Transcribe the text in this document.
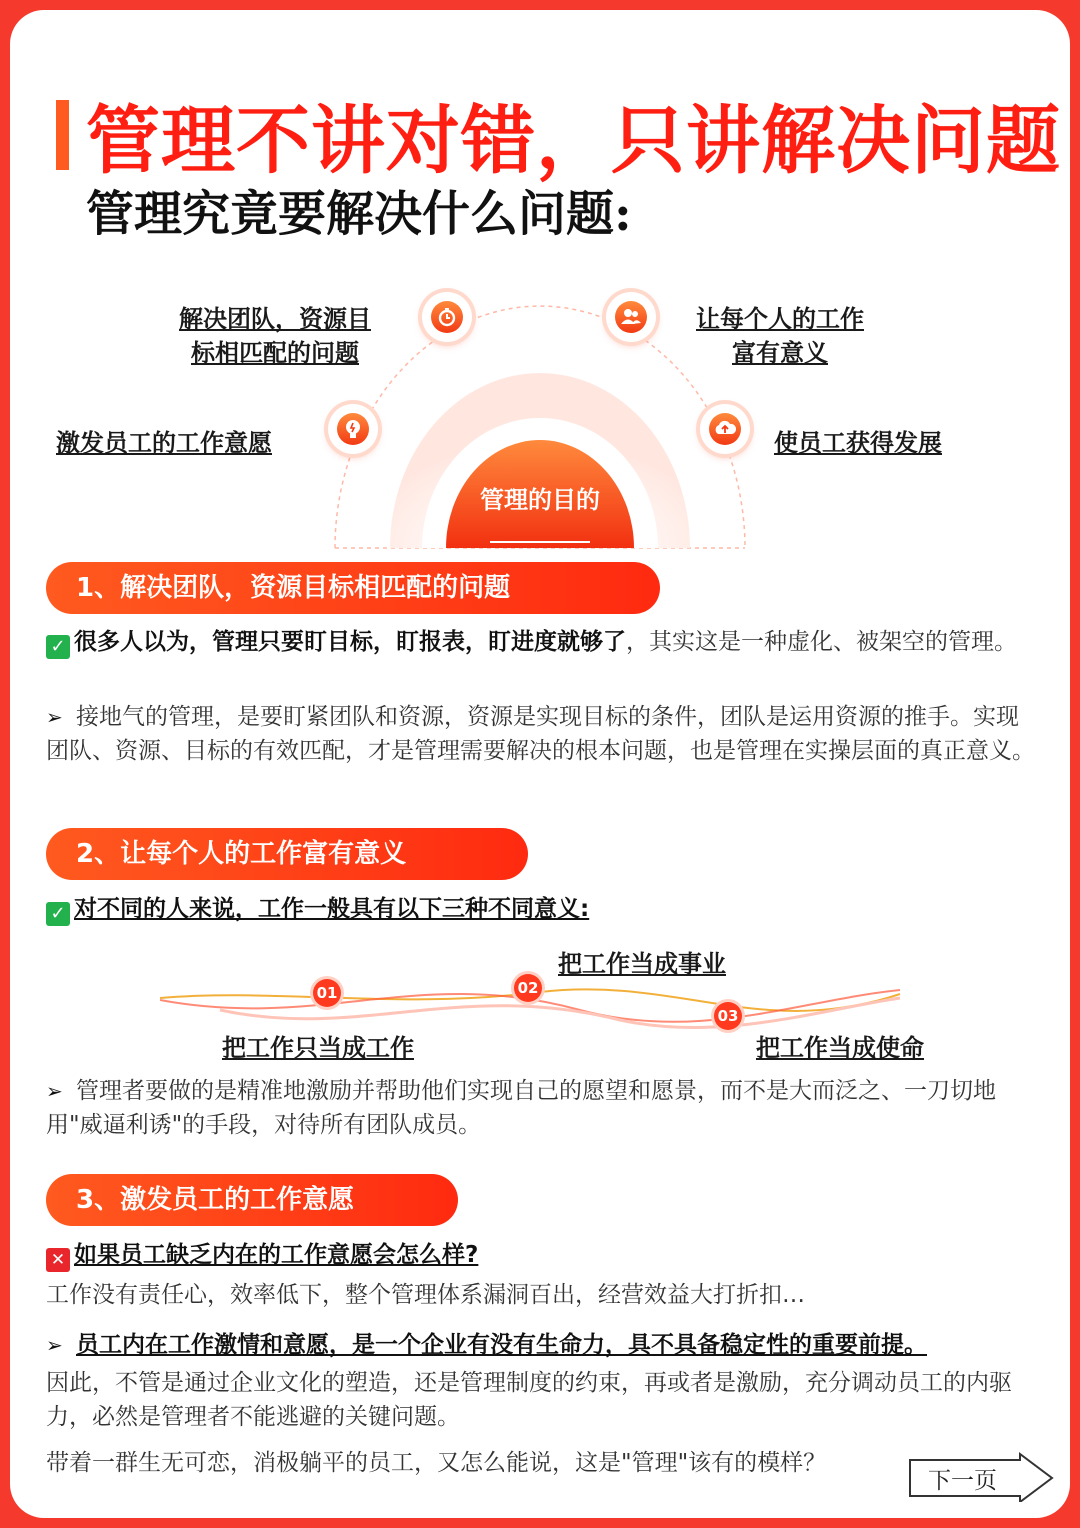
管理不讲对错，只讲解决问题
管理究竟要解决什么问题:
解决团队，资源目
标相匹配的问题
让每个人的工作
富有意义
激发员工的工作意愿	使员工获得发展
管理的目的
1、解决团队，资源目标相匹配的问题
✓ 很多人以为，管理只要盯目标，盯报表，盯进度就够了，其实这是一种虚化、被架空的管理。
➢ 接地气的管理，是要盯紧团队和资源，资源是实现目标的条件，团队是运用资源的推手。实现团队、资源、目标的有效匹配，才是管理需要解决的根本问题，也是管理在实操层面的真正意义。
2、让每个人的工作富有意义
✓ 对不同的人来说，工作一般具有以下三种不同意义:
01	02
03
把工作只当成工作
把工作当成事业
把工作当成使命
➢ 管理者要做的是精准地激励并帮助他们实现自己的愿望和愿景，而不是大而泛之、一刀切地用"威逼利诱"的手段，对待所有团队成员。
3、激发员工的工作意愿
✕ 如果员工缺乏内在的工作意愿会怎么样?
工作没有责任心，效率低下，整个管理体系漏洞百出，经营效益大打折扣…
➢ 员工内在工作激情和意愿，是一个企业有没有生命力，具不具备稳定性的重要前提。
因此，不管是通过企业文化的塑造，还是管理制度的约束，再或者是激励，充分调动员工的内驱力，必然是管理者不能逃避的关键问题。
带着一群生无可恋，消极躺平的员工，又怎么能说，这是"管理"该有的模样？
下一页
